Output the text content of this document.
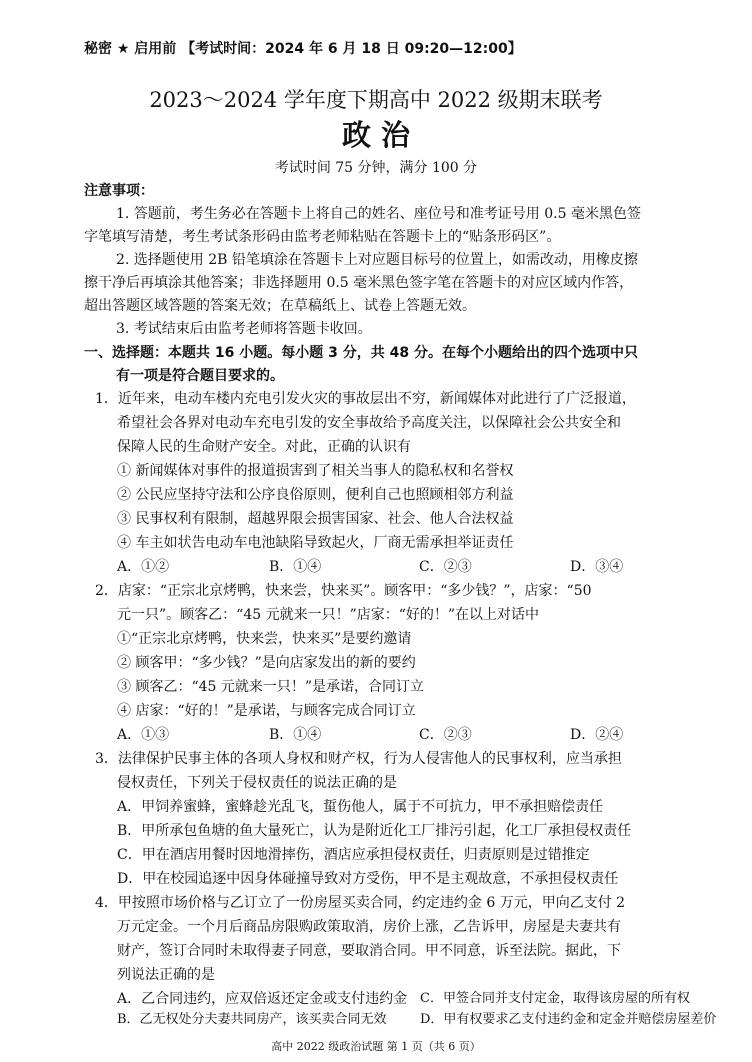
秘密 ★ 启用前 【考试时间：2024 年 6 月 18 日 09:20—12:00】
2023～2024 学年度下期高中 2022 级期末联考
政 治
考试时间 75 分钟，满分 100 分
注意事项：
1. 答题前，考生务必在答题卡上将自己的姓名、座位号和准考证号用 0.5 毫米黑色签
字笔填写清楚，考生考试条形码由监考老师粘贴在答题卡上的“贴条形码区”。
2. 选择题使用 2B 铅笔填涂在答题卡上对应题目标号的位置上，如需改动，用橡皮擦
擦干净后再填涂其他答案；非选择题用 0.5 毫米黑色签字笔在答题卡的对应区域内作答，
超出答题区域答题的答案无效；在草稿纸上、试卷上答题无效。
3. 考试结束后由监考老师将答题卡收回。
一、选择题：本题共 16 小题。每小题 3 分，共 48 分。在每个小题给出的四个选项中只
有一项是符合题目要求的。
1．近年来，电动车楼内充电引发火灾的事故层出不穷，新闻媒体对此进行了广泛报道，
希望社会各界对电动车充电引发的安全事故给予高度关注，以保障社会公共安全和
保障人民的生命财产安全。对此，正确的认识有
① 新闻媒体对事件的报道损害到了相关当事人的隐私权和名誉权
② 公民应坚持守法和公序良俗原则，便利自己也照顾相邻方利益
③ 民事权利有限制，超越界限会损害国家、社会、他人合法权益
④ 车主如状告电动车电池缺陷导致起火，厂商无需承担举证责任
A．①②	B．①④	C．②③	D．③④
2．店家：“正宗北京烤鸭，快来尝，快来买”。顾客甲：“多少钱？”，店家：“50
元一只”。顾客乙：“45 元就来一只！”店家：“好的！”在以上对话中
①“正宗北京烤鸭，快来尝，快来买”是要约邀请
② 顾客甲：“多少钱？”是向店家发出的新的要约
③ 顾客乙：“45 元就来一只！”是承诺，合同订立
④ 店家：“好的！”是承诺，与顾客完成合同订立
A．①③	B．①④	C．②③	D．②④
3．法律保护民事主体的各项人身权和财产权，行为人侵害他人的民事权利，应当承担
侵权责任，下列关于侵权责任的说法正确的是
A．甲饲养蜜蜂，蜜蜂趁光乱飞，蜇伤他人，属于不可抗力，甲不承担赔偿责任
B．甲所承包鱼塘的鱼大量死亡，认为是附近化工厂排污引起，化工厂承担侵权责任
C．甲在酒店用餐时因地滑摔伤，酒店应承担侵权责任，归责原则是过错推定
D．甲在校园追逐中因身体碰撞导致对方受伤，甲不是主观故意，不承担侵权责任
4．甲按照市场价格与乙订立了一份房屋买卖合同，约定违约金 6 万元，甲向乙支付 2
万元定金。一个月后商品房限购政策取消，房价上涨，乙告诉甲，房屋是夫妻共有
财产，签订合同时未取得妻子同意，要取消合同。甲不同意，诉至法院。据此，下
列说法正确的是
A．乙合同违约，应双倍返还定金或支付违约金
B．乙无权处分夫妻共同房产，该买卖合同无效
高中 2022 级政治试题 第 1 页（共 6 页）
C．甲签合同并支付定金，取得该房屋的所有权
D．甲有权要求乙支付违约金和定金并赔偿房屋差价
